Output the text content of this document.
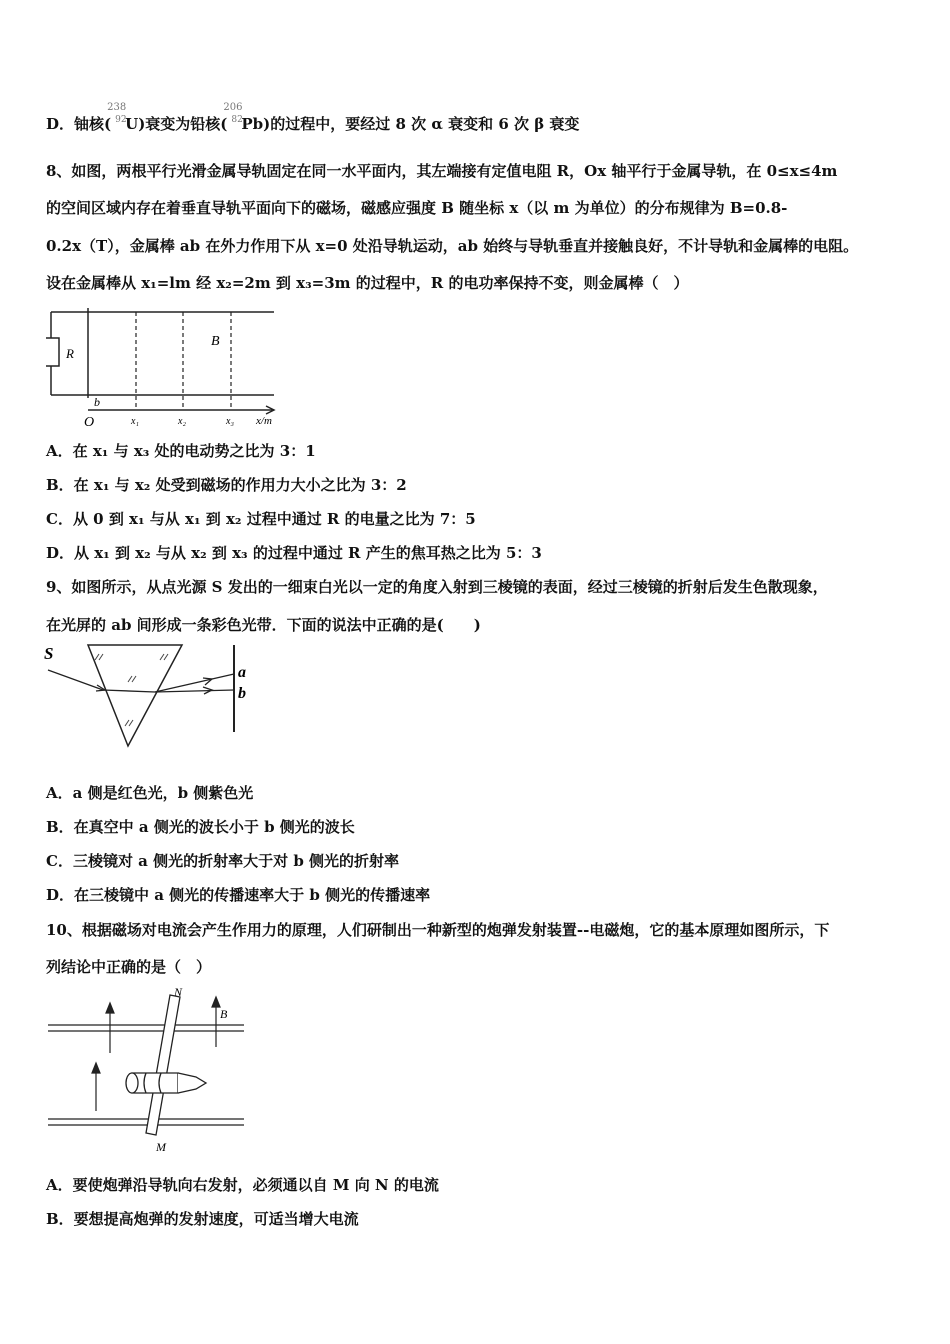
D．铀核(
238
92
U)衰变为铅核(
206
82
Pb)的过程中，要经过 8 次 α 衰变和 6 次 β 衰变
8、如图，两根平行光滑金属导轨固定在同一水平面内，其左端接有定值电阻 R，Ox 轴平行于金属导轨，在 0≤x≤4m
的空间区域内存在着垂直导轨平面向下的磁场，磁感应强度 B 随坐标 x（以 m 为单位）的分布规律为 B=0.8-
0.2x（T），金属棒 ab 在外力作用下从 x=0 处沿导轨运动，ab 始终与导轨垂直并接触良好，不计导轨和金属棒的电阻。
设在金属棒从 x₁=lm 经 x₂=2m 到 x₃=3m 的过程中，R 的电功率保持不变，则金属棒（　）
R
B
b
O	x₁	x₂	x₃ x/m
A．在 x₁ 与 x₃ 处的电动势之比为 3：1
B．在 x₁ 与 x₂ 处受到磁场的作用力大小之比为 3：2
C．从 0 到 x₁ 与从 x₁ 到 x₂ 过程中通过 R 的电量之比为 7：5
D．从 x₁ 到 x₂ 与从 x₂ 到 x₃ 的过程中通过 R 产生的焦耳热之比为 5：3
9、如图所示，从点光源 S 发出的一细束白光以一定的角度入射到三棱镜的表面，经过三棱镜的折射后发生色散现象，
在光屏的 ab 间形成一条彩色光带．下面的说法中正确的是(　　)
S
a
b
A．a 侧是红色光，b 侧紫色光
B．在真空中 a 侧光的波长小于 b 侧光的波长
C．三棱镜对 a 侧光的折射率大于对 b 侧光的折射率
D．在三棱镜中 a 侧光的传播速率大于 b 侧光的传播速率
10、根据磁场对电流会产生作用力的原理，人们研制出一种新型的炮弹发射装置--电磁炮，它的基本原理如图所示，下
列结论中正确的是（　）
N
B
M
A．要使炮弹沿导轨向右发射，必须通以自 M 向 N 的电流
B．要想提高炮弹的发射速度，可适当增大电流
